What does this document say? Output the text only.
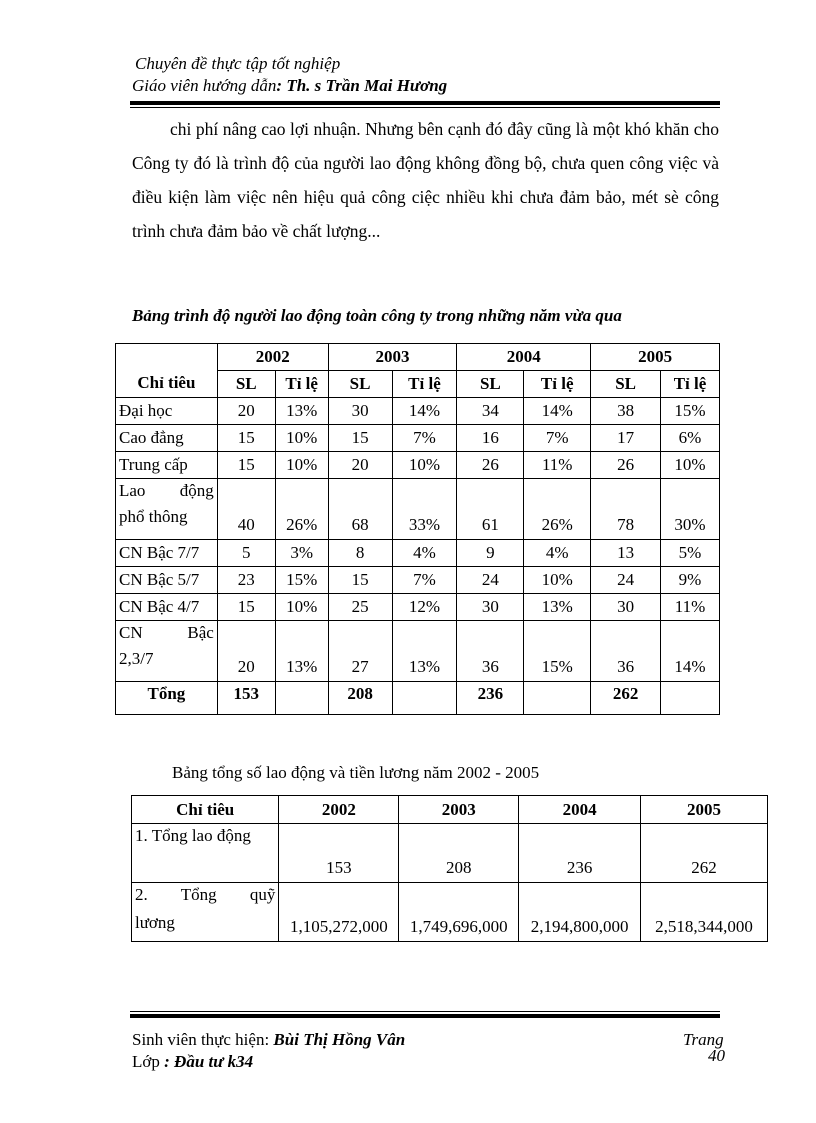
Chuyên đề thực tập tốt nghiệp
Giáo viên hướng dẫn: Th. s Trần Mai Hương

chi phí nâng cao lợi nhuận. Nhưng bên cạnh đó đây cũng là một khó khăn cho Công ty đó là trình độ của người lao động không đồng bộ, chưa quen công việc và điều kiện làm việc nên hiệu quả công ciệc nhiều khi chưa đảm bảo, mét sè công trình chưa đảm bảo về chất lượng...

Bảng trình độ người lao động toàn công ty trong những năm vừa qua
Chỉ tiêu	2002		2003		2004		2005	
	SL	Tỉ lệ	SL	Tỉ lệ	SL	Tỉ lệ	SL	Tỉ lệ
Đại học	20	13%	30	14%	34	14%	38	15%
Cao đẳng	15	10%	15	7%	16	7%	17	6%
Trung cấp	15	10%	20	10%	26	11%	26	10%

Lao động
phổ thông	40	26%	68	33%	61	26%	78	30%
CN Bậc 7/7	5	3%	8	4%	9	4%	13	5%
CN Bậc 5/7	23	15%	15	7%	24	10%	24	9%
CN Bậc 4/7	15	10%	25	12%	30	13%	30	11%

CN Bậc
2,3/7	20	13%	27	13%	36	15%	36	14%
Tổng	153		208		236		262	
Bảng tổng số lao động và tiền lương năm 2002 - 2005
Chỉ tiêu	2002	2003	2004	2005
1. Tổng lao động	153	208	236	262

2. Tổng quỹ
lương	1,105,272,000	1,749,696,000	2,194,800,000	2,518,344,000
Sinh viên thực hiện: Bùi Thị Hồng Vân
Lớp : Đầu tư k34
Trang
40
